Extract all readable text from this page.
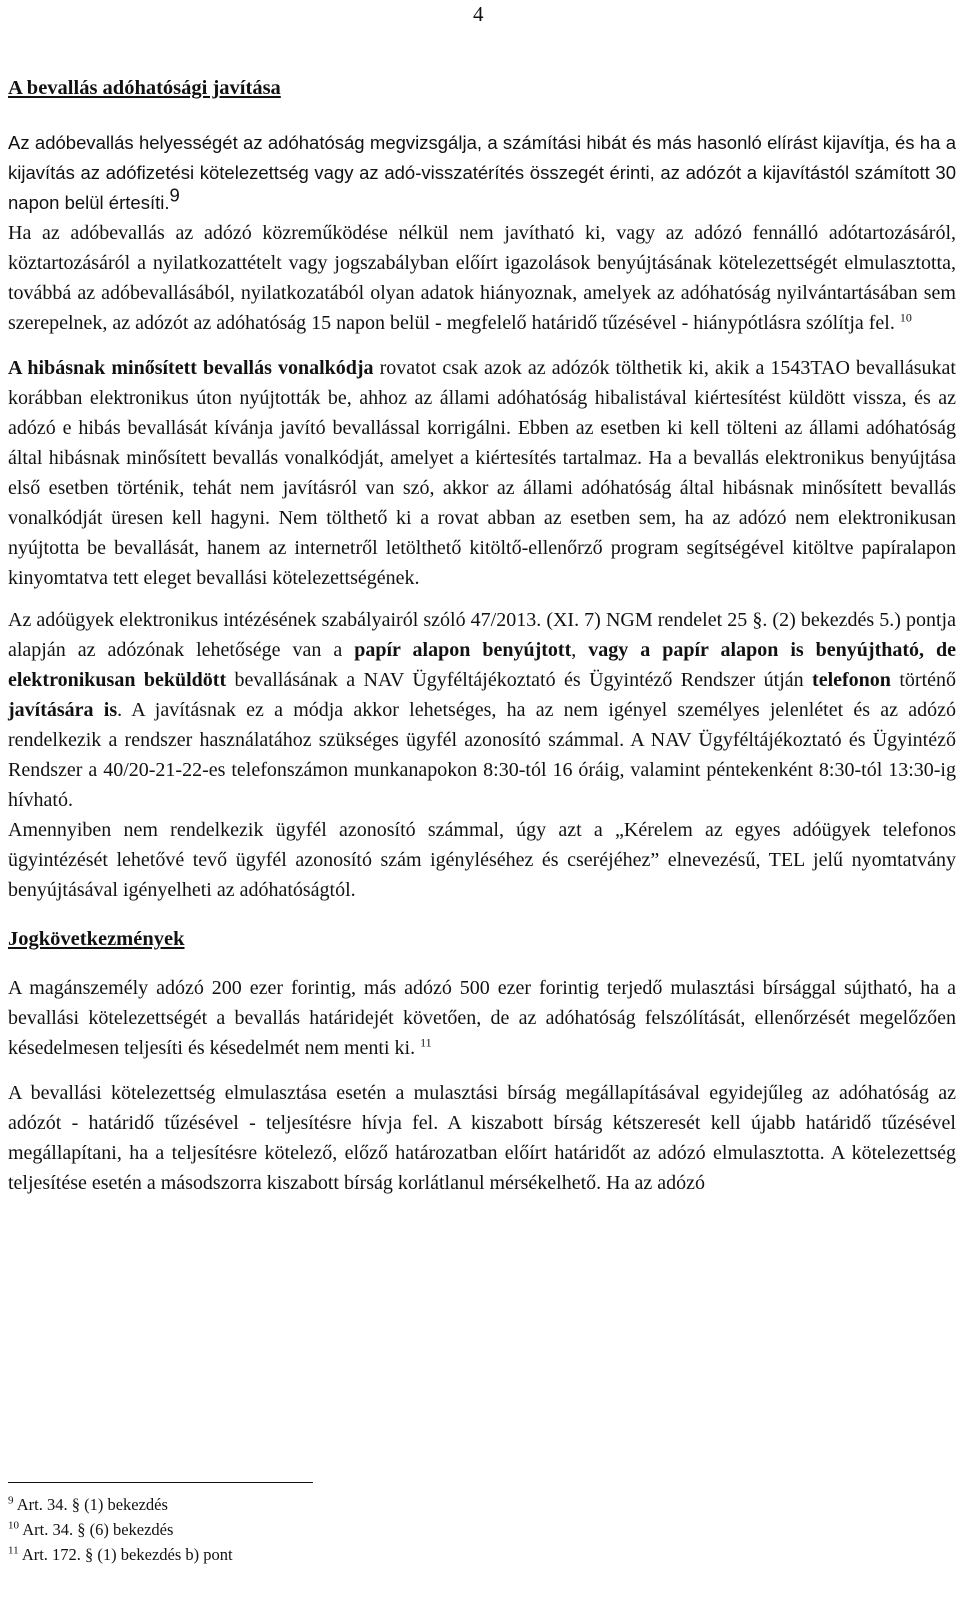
4
A bevallás adóhatósági javítása

Az adóbevallás helyességét az adóhatóság megvizsgálja, a számítási hibát és más hasonló elírást kijavítja, és ha a kijavítás az adófizetési kötelezettség vagy az adó-visszatérítés összegét érinti, az adózót a kijavítástól számított 30 napon belül értesíti.$^9$
Ha az adóbevallás az adózó közreműködése nélkül nem javítható ki, vagy az adózó fennálló adótartozásáról, köztartozásáról a nyilatkozattételt vagy jogszabályban előírt igazolások benyújtásának kötelezettségét elmulasztotta, továbbá az adóbevallásából, nyilatkozatából olyan adatok hiányoznak, amelyek az adóhatóság nyilvántartásában sem szerepelnek, az adózót az adóhatóság 15 napon belül - megfelelő határidő tűzésével - hiánypótlásra szólítja fel. $^{10}$

A hibásnak minősített bevallás vonalkódja rovatot csak azok az adózók tölthetik ki, akik a 1543TAO bevallásukat korábban elektronikus úton nyújtották be, ahhoz az állami adóhatóság hibalistával kiértesítést küldött vissza, és az adózó e hibás bevallását kívánja javító bevallással korrigálni. Ebben az esetben ki kell tölteni az állami adóhatóság által hibásnak minősített bevallás vonalkódját, amelyet a kiértesítés tartalmaz. Ha a bevallás elektronikus benyújtása első esetben történik, tehát nem javításról van szó, akkor az állami adóhatóság által hibásnak minősített bevallás vonalkódját üresen kell hagyni. Nem tölthető ki a rovat abban az esetben sem, ha az adózó nem elektronikusan nyújtotta be bevallását, hanem az internetről letölthető kitöltő-ellenőrző program segítségével kitöltve papíralapon kinyomtatva tett eleget bevallási kötelezettségének.

Az adóügyek elektronikus intézésének szabályairól szóló 47/2013. (XI. 7) NGM rendelet 25 §. (2) bekezdés 5.) pontja alapján az adózónak lehetősége van a papír alapon benyújtott, vagy a papír alapon is benyújtható, de elektronikusan beküldött bevallásának a NAV Ügyféltájékoztató és Ügyintéző Rendszer útján telefonon történő javítására is. A javításnak ez a módja akkor lehetséges, ha az nem igényel személyes jelenlétet és az adózó rendelkezik a rendszer használatához szükséges ügyfél azonosító számmal. A NAV Ügyféltájékoztató és Ügyintéző Rendszer a 40/20-21-22-es telefonszámon munkanapokon 8:30-tól 16 óráig, valamint péntekenként 8:30-tól 13:30-ig hívható.

Amennyiben nem rendelkezik ügyfél azonosító számmal, úgy azt a „Kérelem az egyes adóügyek telefonos ügyintézését lehetővé tevő ügyfél azonosító szám igényléséhez és cseréjéhez” elnevezésű, TEL jelű nyomtatvány benyújtásával igényelheti az adóhatóságtól.

Jogkövetkezmények

A magánszemély adózó 200 ezer forintig, más adózó 500 ezer forintig terjedő mulasztási bírsággal sújtható, ha a bevallási kötelezettségét a bevallás határidejét követően, de az adóhatóság felszólítását, ellenőrzését megelőzően késedelmesen teljesíti és késedelmét nem menti ki. $^{11}$

A bevallási kötelezettség elmulasztása esetén a mulasztási bírság megállapításával egyidejűleg az adóhatóság az adózót - határidő tűzésével - teljesítésre hívja fel. A kiszabott bírság kétszeresét kell újabb határidő tűzésével megállapítani, ha a teljesítésre kötelező, előző határozatban előírt határidőt az adózó elmulasztotta. A kötelezettség teljesítése esetén a másodszorra kiszabott bírság korlátlanul mérsékelhető. Ha az adózó

$^9$ Art. 34. § (1) bekezdés
$^{10}$ Art. 34. § (6) bekezdés
$^{11}$ Art. 172. § (1) bekezdés b) pont
